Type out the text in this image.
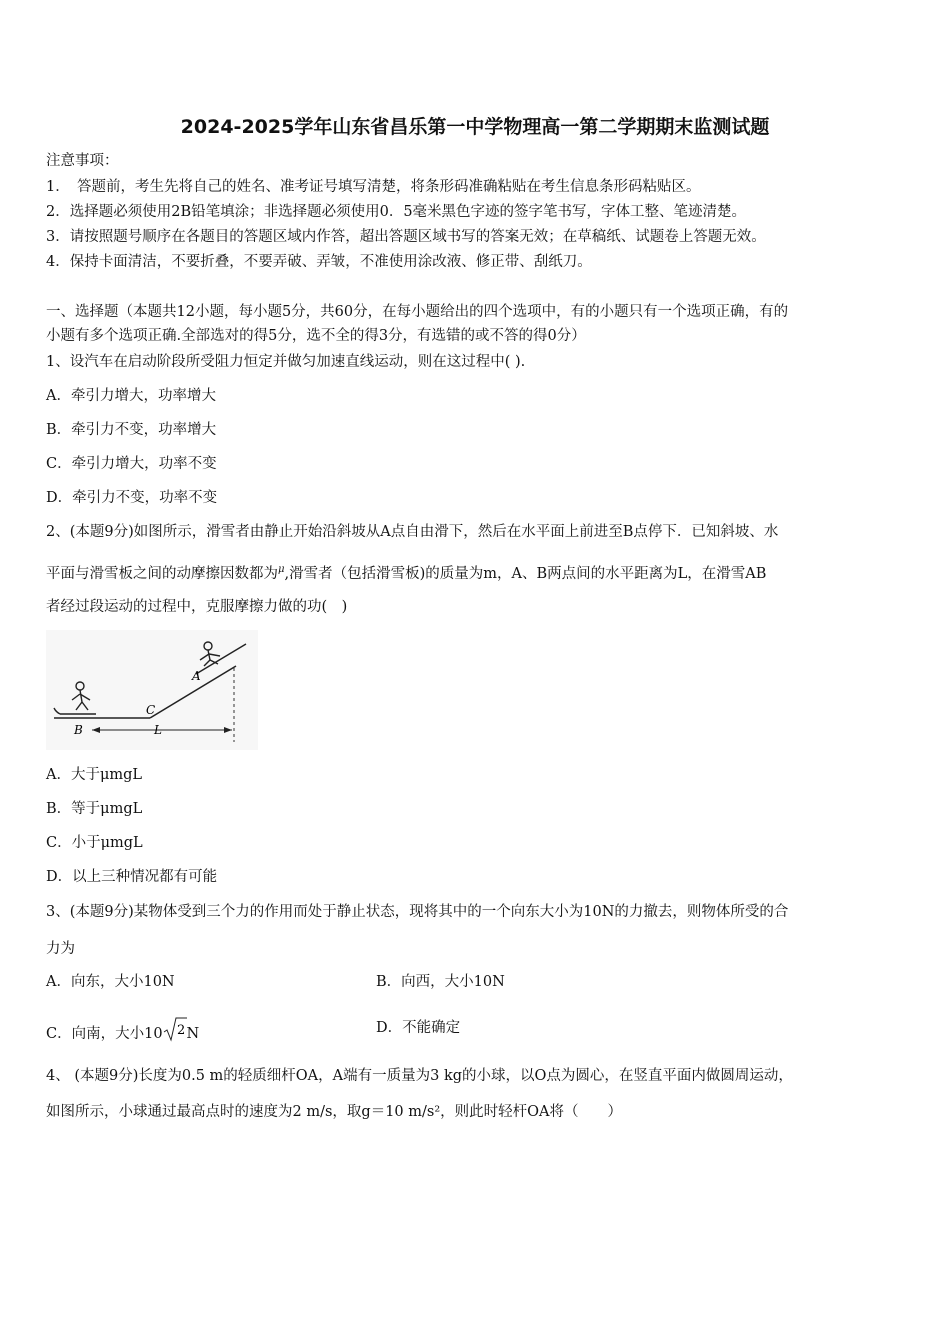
2024-2025学年山东省昌乐第一中学物理高一第二学期期末监测试题
注意事项：
1．　答题前，考生先将自己的姓名、准考证号填写清楚，将条形码准确粘贴在考生信息条形码粘贴区。
2．选择题必须使用2B铅笔填涂；非选择题必须使用0．5毫米黑色字迹的签字笔书写，字体工整、笔迹清楚。
3．请按照题号顺序在各题目的答题区域内作答，超出答题区域书写的答案无效；在草稿纸、试题卷上答题无效。
4．保持卡面清洁，不要折叠，不要弄破、弄皱，不准使用涂改液、修正带、刮纸刀。
一、选择题（本题共12小题，每小题5分，共60分，在每小题给出的四个选项中，有的小题只有一个选项正确，有的
小题有多个选项正确.全部选对的得5分，选不全的得3分，有选错的或不答的得0分）
1、设汽车在启动阶段所受阻力恒定并做匀加速直线运动，则在这过程中( ).
A．牵引力增大，功率增大
B．牵引力不变，功率增大
C．牵引力增大，功率不变
D．牵引力不变，功率不变
2、(本题9分)如图所示，滑雪者由静止开始沿斜坡从A点自由滑下，然后在水平面上前进至B点停下．已知斜坡、水
平面与滑雪板之间的动摩擦因数都为$^\mu$,滑雪者（包括滑雪板)的质量为m，A、B两点间的水平距离为L，在滑雪AB
者经过段运动的过程中，克服摩擦力做的功(　)
A
B
C
L
A．大于μmgL
B．等于μmgL
C．小于μmgL
D．以上三种情况都有可能
3、(本题9分)某物体受到三个力的作用而处于静止状态，现将其中的一个向东大小为10N的力撤去，则物体所受的合
力为
A．向东，大小10N	B．向西，大小10N
C．向南，大小10 2 N	D．不能确定
4、 (本题9分)长度为0.5 m的轻质细杆OA，A端有一质量为3 kg的小球，以O点为圆心，在竖直平面内做圆周运动，
如图所示，小球通过最高点时的速度为2 m/s，取g＝10 m/s²，则此时轻杆OA将（　　）
